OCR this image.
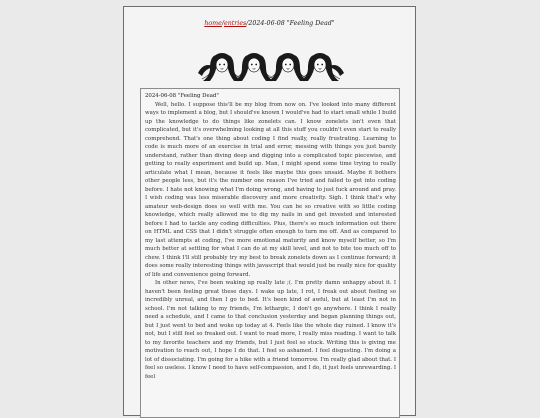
home/entries/2024-06-08 "Feeling Dead"
2024-06-08 "Feeling Dead"

Well, hello. I suppose this'll be my blog from now on. I've looked into many different ways to implement a blog, but I should've known I would've had to start small while I build up the knowledge to do things like zonelets can. I know zonelets isn't even that complicated, but it's overwhelming looking at all this stuff you couldn't even start to really comprehend. That's one thing about coding I find really, really frustrating. Learning to code is much more of an exercise in trial and error, messing with things you just barely understand, rather than diving deep and digging into a complicated topic piecewise, and getting to really experiment and build up. Man, I might spend some time trying to really articulate what I mean, because it feels like maybe this goes unsaid. Maybe it bothers other people less, but it's the number one reason I've tried and failed to get into coding before. I hate not knowing what I'm doing wrong, and having to just fuck around and pray. I wish coding was less miserable discovery and more creativity. Sigh. I think that's why amateur web-design does so well with me. You can be so creative with so little coding knowledge, which really allowed me to dig my nails in and get invested and interested before I had to tackle any coding difficulties. Plus, there's so much information out there on HTML and CSS that I didn't struggle often enough to turn me off. And as compared to my last attempts at coding, I've more emotional maturity and know myself better, so I'm much better at settling for what I can do at my skill level, and not to bite too much off to chew. I think I'll still probably try my best to break zonelets down as I continue forward; it does some really interesting things with javascript that would just be really nice for quality of life and convenience going forward.

In other news, I've been waking up really late ;(. I'm pretty damn unhappy about it. I haven't been feeling great these days. I wake up late, I rot, I freak out about feeling so incredibly unreal, and then I go to bed. It's been kind of awful, but at least I'm not in school. I'm not talking to my friends, I'm lethargic, I don't go anywhere. I think I really need a schedule, and I came to that conclusion yesterday and began planning things out, but I just went to bed and woke up today at 4. Feels like the whole day ruined. I know it's not, but I still feel so freaked out. I want to read more, I really miss reading. I want to talk to my favorite teachers and my friends, but I just feel so stuck. Writing this is giving me motivation to reach out, I hope I do that. I feel so ashamed. I feel disgusting. I'm doing a lot of dissociating. I'm going for a hike with a friend tomorrow. I'm really glad about that. I feel so useless. I know I need to have self-compassion, and I do, it just feels unrewarding. I feel
